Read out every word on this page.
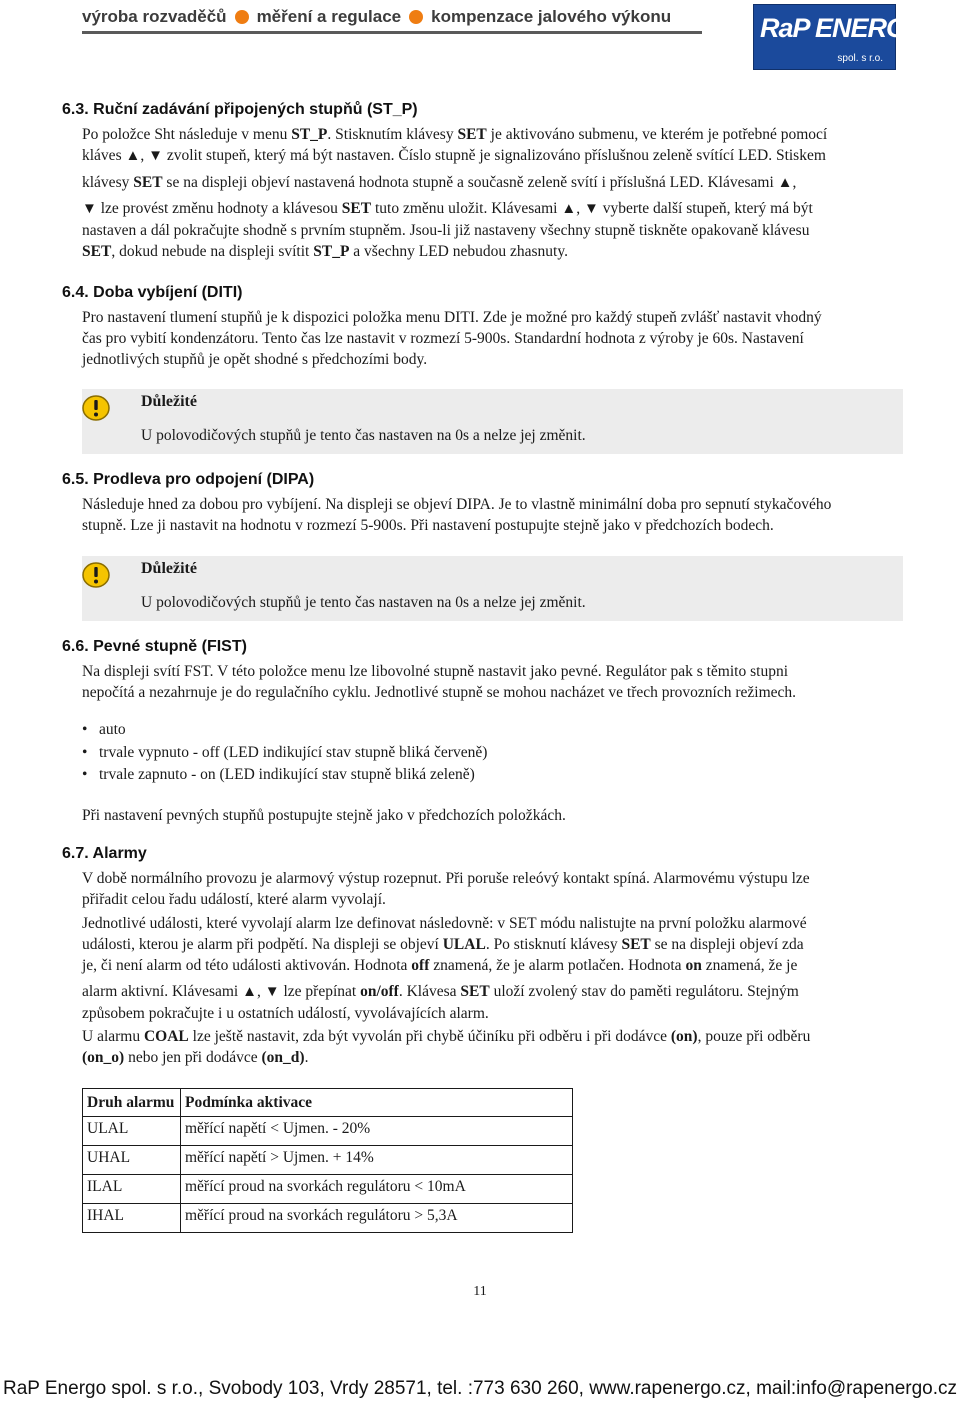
výroba rozvaděčů měření a regulace kompenzace jalového výkonu	RaP ENERGO
spol. s r.o.
6.3. Ruční zadávání připojených stupňů (ST_P)
Po položce Sht následuje v menu ST_P. Stisknutím klávesy SET je aktivováno submenu, ve kterém je potřebné pomocí
kláves ▲, ▼ zvolit stupeň, který má být nastaven. Číslo stupně je signalizováno příslušnou zeleně svítící LED. Stiskem
klávesy SET se na displeji objeví nastavená hodnota stupně a současně zeleně svítí i příslušná LED. Klávesami ▲,
▼ lze provést změnu hodnoty a klávesou SET tuto změnu uložit. Klávesami ▲, ▼ vyberte další stupeň, který má být
nastaven a dál pokračujte shodně s prvním stupněm. Jsou-li již nastaveny všechny stupně tiskněte opakovaně klávesu
SET, dokud nebude na displeji svítit ST_P a všechny LED nebudou zhasnuty.
6.4. Doba vybíjení (DITI)
Pro nastavení tlumení stupňů je k dispozici položka menu DITI. Zde je možné pro každý stupeň zvlášť nastavit vhodný
čas pro vybití kondenzátoru. Tento čas lze nastavit v rozmezí 5-900s. Standardní hodnota z výroby je 60s. Nastavení
jednotlivých stupňů je opět shodné s předchozími body.
Důležité
U polovodičových stupňů je tento čas nastaven na 0s a nelze jej změnit.
6.5. Prodleva pro odpojení (DIPA)
Následuje hned za dobou pro vybíjení. Na displeji se objeví DIPA. Je to vlastně minimální doba pro sepnutí stykačového
stupně. Lze ji nastavit na hodnotu v rozmezí 5-900s. Při nastavení postupujte stejně jako v předchozích bodech.
Důležité
U polovodičových stupňů je tento čas nastaven na 0s a nelze jej změnit.
6.6. Pevné stupně (FIST)
Na displeji svítí FST. V této položce menu lze libovolné stupně nastavit jako pevné. Regulátor pak s těmito stupni
nepočítá a nezahrnuje je do regulačního cyklu. Jednotlivé stupně se mohou nacházet ve třech provozních režimech.
• auto
• trvale vypnuto - off (LED indikující stav stupně bliká červeně)
• trvale zapnuto - on (LED indikující stav stupně bliká zeleně)
Při nastavení pevných stupňů postupujte stejně jako v předchozích položkách.
6.7. Alarmy
V době normálního provozu je alarmový výstup rozepnut. Při poruše releóvý kontakt spíná. Alarmovému výstupu lze
přiřadit celou řadu událostí, které alarm vyvolají.
Jednotlivé události, které vyvolají alarm lze definovat následovně: v SET módu nalistujte na první položku alarmové
události, kterou je alarm při podpětí. Na displeji se objeví ULAL. Po stisknutí klávesy SET se na displeji objeví zda
je, či není alarm od této události aktivován. Hodnota off znamená, že je alarm potlačen. Hodnota on znamená, že je
alarm aktivní. Klávesami ▲, ▼ lze přepínat on/off. Klávesa SET uloží zvolený stav do paměti regulátoru. Stejným
způsobem pokračujte i u ostatních událostí, vyvolávajících alarm.
U alarmu COAL lze ještě nastavit, zda být vyvolán při chybě účiníku při odběru i při dodávce (on), pouze při odběru
(on_o) nebo jen při dodávce (on_d).
Druh alarmu	Podmínka aktivace
ULAL	měřící napětí < Ujmen. - 20%
UHAL	měřící napětí > Ujmen. + 14%
ILAL	měřící proud na svorkách regulátoru < 10mA
IHAL	měřící proud na svorkách regulátoru > 5,3A
11
RaP Energo spol. s r.o., Svobody 103, Vrdy 28571, tel. :773 630 260, www.rapenergo.cz, mail:info@rapenergo.cz
